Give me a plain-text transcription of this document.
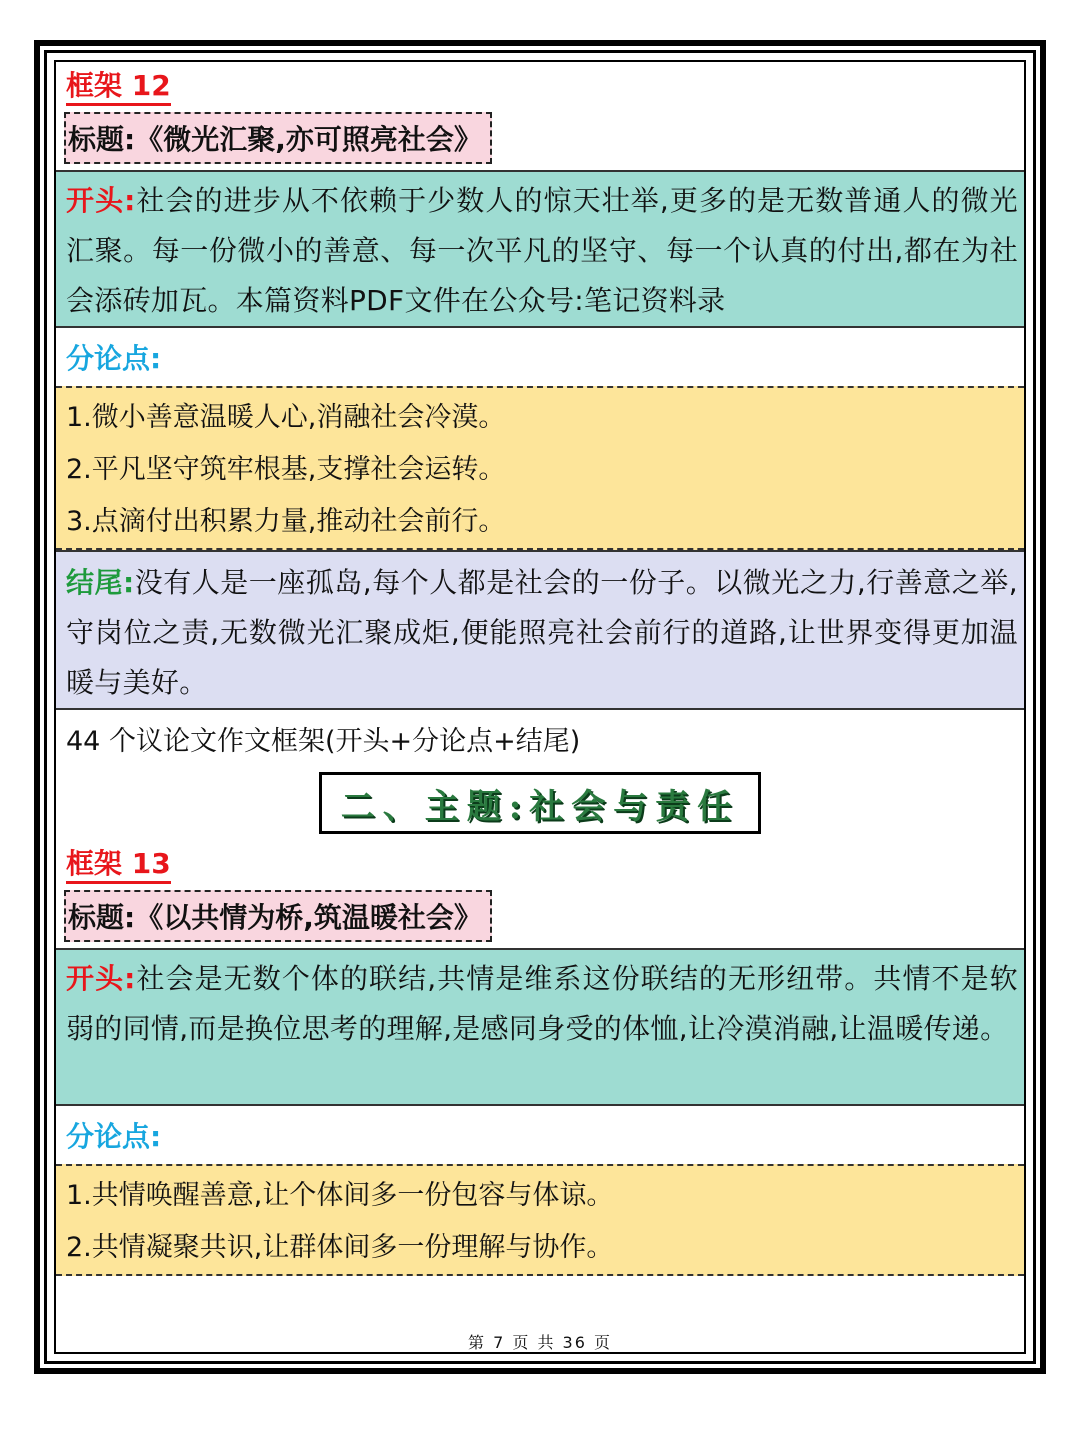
框架 12
标题:《微光汇聚,亦可照亮社会》
开头:社会的进步从不依赖于少数人的惊天壮举,更多的是无数普通人的微光汇聚。每一份微小的善意、每一次平凡的坚守、每一个认真的付出,都在为社会添砖加瓦。本篇资料PDF文件在公众号:笔记资料录
分论点:
1.微小善意温暖人心,消融社会冷漠。
2.平凡坚守筑牢根基,支撑社会运转。
3.点滴付出积累力量,推动社会前行。
结尾:没有人是一座孤岛,每个人都是社会的一份子。以微光之力,行善意之举,守岗位之责,无数微光汇聚成炬,便能照亮社会前行的道路,让世界变得更加温暖与美好。
44 个议论文作文框架(开头+分论点+结尾)
二、主题:社会与责任
框架 13
标题:《以共情为桥,筑温暖社会》
开头:社会是无数个体的联结,共情是维系这份联结的无形纽带。共情不是软弱的同情,而是换位思考的理解,是感同身受的体恤,让冷漠消融,让温暖传递。
分论点:
1.共情唤醒善意,让个体间多一份包容与体谅。
2.共情凝聚共识,让群体间多一份理解与协作。
第 7 页 共 36 页
